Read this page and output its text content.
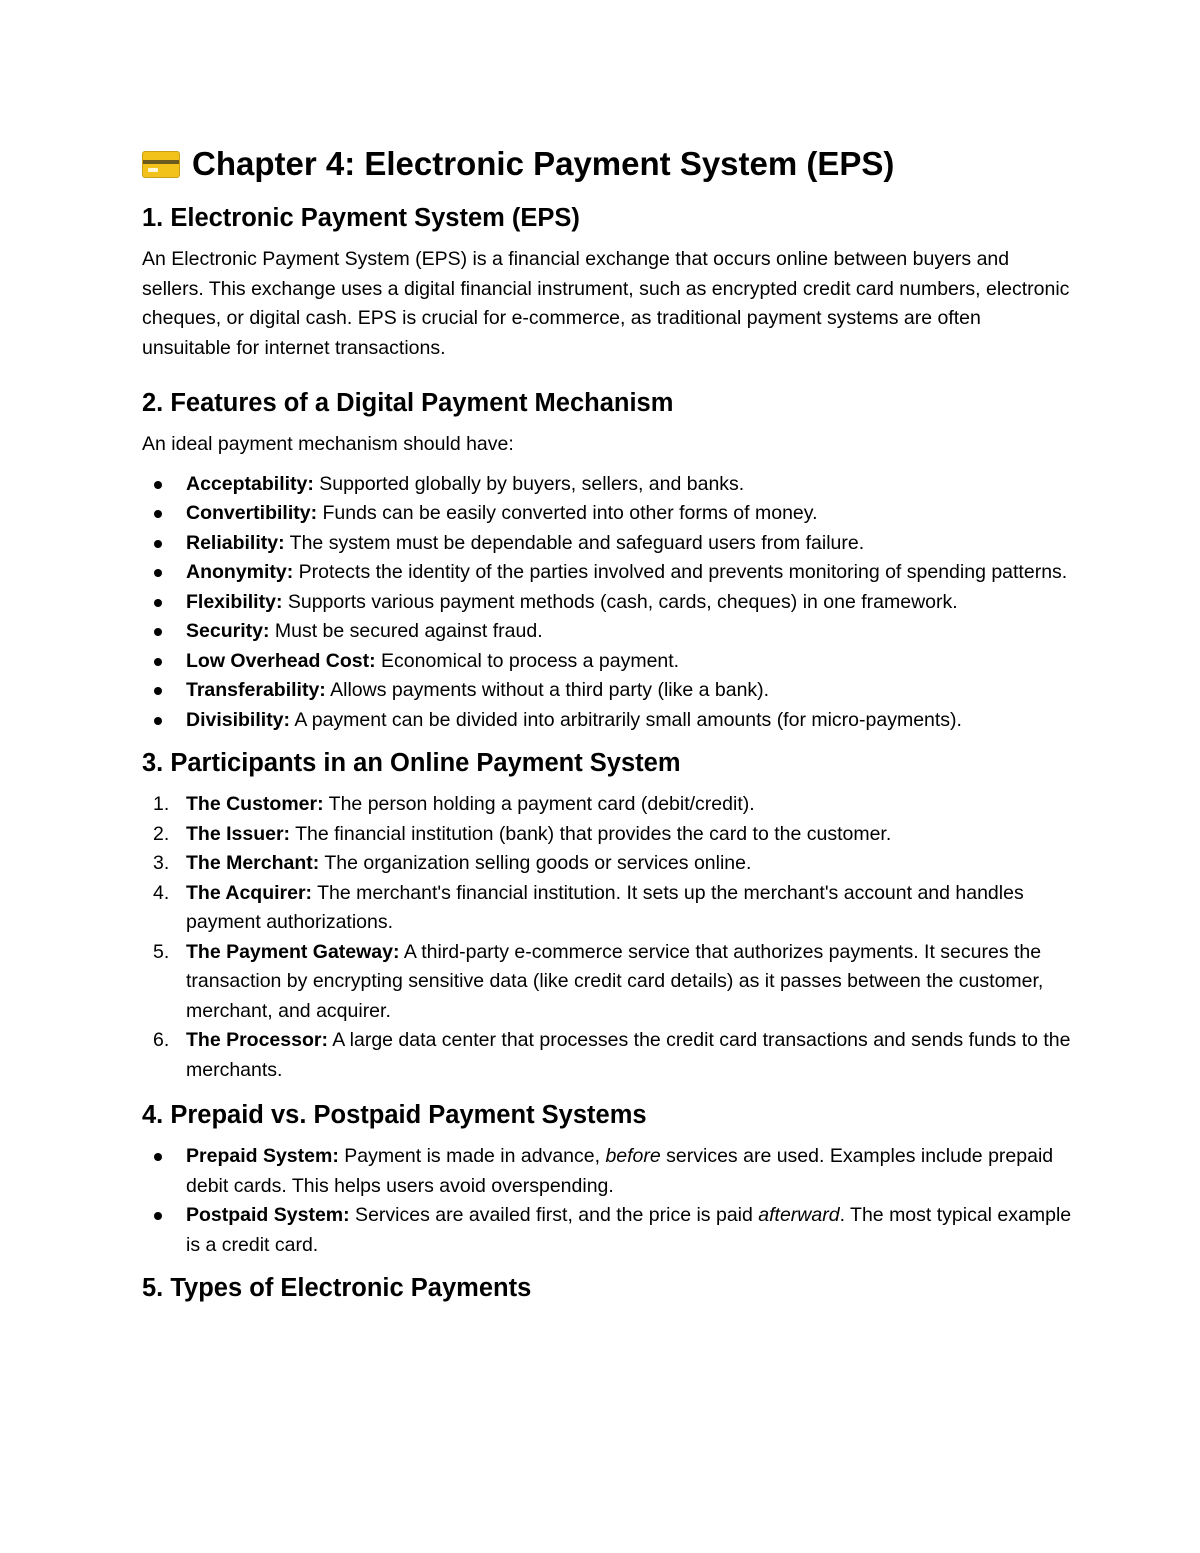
Chapter 4: Electronic Payment System (EPS)
1. Electronic Payment System (EPS)

An Electronic Payment System (EPS) is a financial exchange that occurs online between buyers and sellers. This exchange uses a digital financial instrument, such as encrypted credit card numbers, electronic cheques, or digital cash. EPS is crucial for e-commerce, as traditional payment systems are often unsuitable for internet transactions.

2. Features of a Digital Payment Mechanism

An ideal payment mechanism should have:

Acceptability: Supported globally by buyers, sellers, and banks.
Convertibility: Funds can be easily converted into other forms of money.
Reliability: The system must be dependable and safeguard users from failure.
Anonymity: Protects the identity of the parties involved and prevents monitoring of spending patterns.
Flexibility: Supports various payment methods (cash, cards, cheques) in one framework.
Security: Must be secured against fraud.
Low Overhead Cost: Economical to process a payment.
Transferability: Allows payments without a third party (like a bank).
Divisibility: A payment can be divided into arbitrarily small amounts (for micro-payments).
3. Participants in an Online Payment System
1. The Customer: The person holding a payment card (debit/credit).
2. The Issuer: The financial institution (bank) that provides the card to the customer.
3. The Merchant: The organization selling goods or services online.
4. The Acquirer: The merchant's financial institution. It sets up the merchant's account and handles payment authorizations.
5. The Payment Gateway: A third-party e-commerce service that authorizes payments. It secures the transaction by encrypting sensitive data (like credit card details) as it passes between the customer, merchant, and acquirer.
6. The Processor: A large data center that processes the credit card transactions and sends funds to the merchants.
4. Prepaid vs. Postpaid Payment Systems
Prepaid System: Payment is made in advance, before services are used. Examples include prepaid debit cards. This helps users avoid overspending.
Postpaid System: Services are availed first, and the price is paid afterward. The most typical example is a credit card.
5. Types of Electronic Payments
